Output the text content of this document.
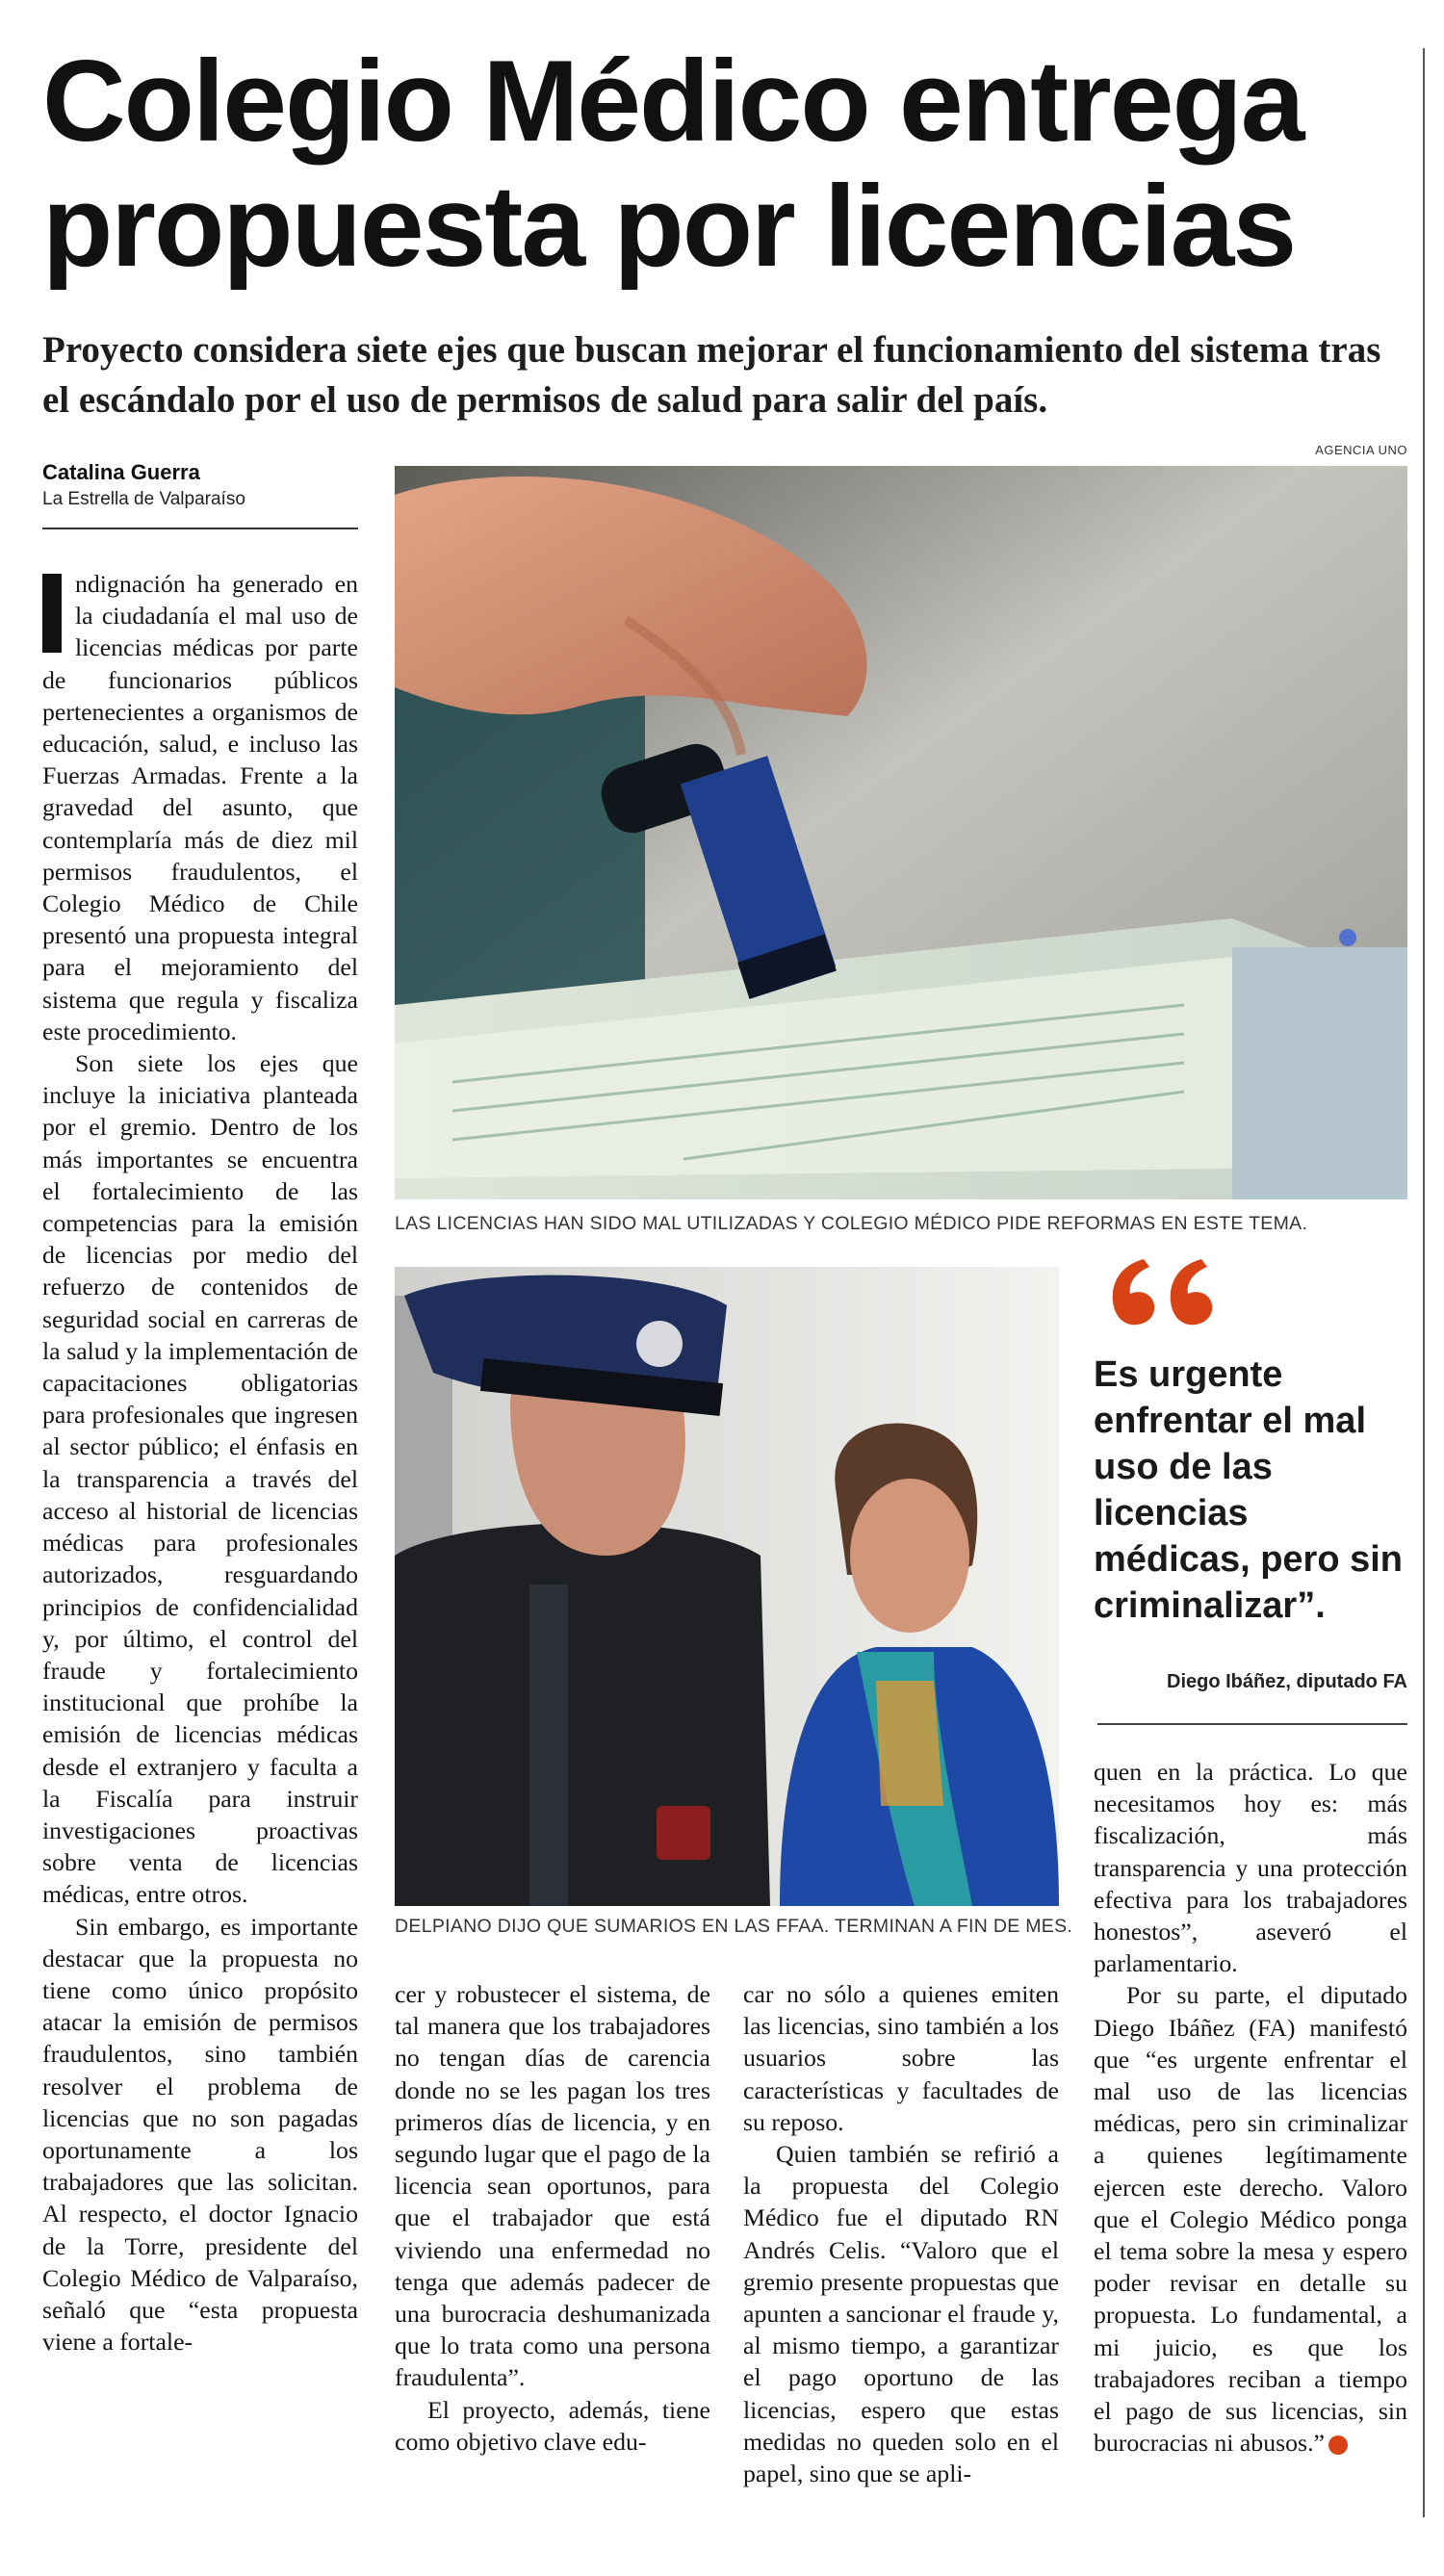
Colegio Médico entrega propuesta por licencias

Proyecto considera siete ejes que buscan mejorar el funcionamiento del sistema tras el escándalo por el uso de permisos de salud para salir del país.

Catalina Guerra
La Estrella de Valparaíso
AGENCIA UNO
LAS LICENCIAS HAN SIDO MAL UTILIZADAS Y COLEGIO MÉDICO PIDE REFORMAS EN ESTE TEMA.
DELPIANO DIJO QUE SUMARIOS EN LAS FFAA. TERMINAN A FIN DE MES.

Es urgente enfrentar el mal uso de las licencias médicas, pero sin criminalizar”.

Diego Ibáñez, diputado FA

ndignación ha generado en la ciudadanía el mal uso de licencias médicas por parte de funcionarios públicos pertenecientes a organismos de educación, salud, e incluso las Fuerzas Armadas. Frente a la gravedad del asunto, que contemplaría más de diez mil permisos fraudulentos, el Colegio Médico de Chile presentó una propuesta integral para el mejoramiento del sistema que regula y fiscaliza este procedimiento.

Son siete los ejes que incluye la iniciativa planteada por el gremio. Dentro de los más importantes se encuentra el fortalecimiento de las competencias para la emisión de licencias por medio del refuerzo de contenidos de seguridad social en carreras de la salud y la implementación de capacitaciones obligatorias para profesionales que ingresen al sector público; el énfasis en la transparencia a través del acceso al historial de licencias médicas para profesionales autorizados, resguardando principios de confidencialidad y, por último, el control del fraude y fortalecimiento institucional que prohíbe la emisión de licencias médicas desde el extranjero y faculta a la Fiscalía para instruir investigaciones proactivas sobre venta de licencias médicas, entre otros.

Sin embargo, es importante destacar que la propuesta no tiene como único propósito atacar la emisión de permisos fraudulentos, sino también resolver el problema de licencias que no son pagadas oportunamente a los trabajadores que las solicitan. Al respecto, el doctor Ignacio de la Torre, presidente del Colegio Médico de Valparaíso, señaló que “esta propuesta viene a fortale-

cer y robustecer el sistema, de tal manera que los trabajadores no tengan días de carencia donde no se les pagan los tres primeros días de licencia, y en segundo lugar que el pago de la licencia sean oportunos, para que el trabajador que está viviendo una enfermedad no tenga que además padecer de una burocracia deshumanizada que lo trata como una persona fraudulenta”.

El proyecto, además, tiene como objetivo clave edu-

car no sólo a quienes emiten las licencias, sino también a los usuarios sobre las características y facultades de su reposo.

Quien también se refirió a la propuesta del Colegio Médico fue el diputado RN Andrés Celis. “Valoro que el gremio presente propuestas que apunten a sancionar el fraude y, al mismo tiempo, a garantizar el pago oportuno de las licencias, espero que estas medidas no queden solo en el papel, sino que se apli-

quen en la práctica. Lo que necesitamos hoy es: más fiscalización, más transparencia y una protección efectiva para los trabajadores honestos”, aseveró el parlamentario.

Por su parte, el diputado Diego Ibáñez (FA) manifestó que “es urgente enfrentar el mal uso de las licencias médicas, pero sin criminalizar a quienes legítimamente ejercen este derecho. Valoro que el Colegio Médico ponga el tema sobre la mesa y espero poder revisar en detalle su propuesta. Lo fundamental, a mi juicio, es que los trabajadores reciban a tiempo el pago de sus licencias, sin burocracias ni abusos.”	✪
